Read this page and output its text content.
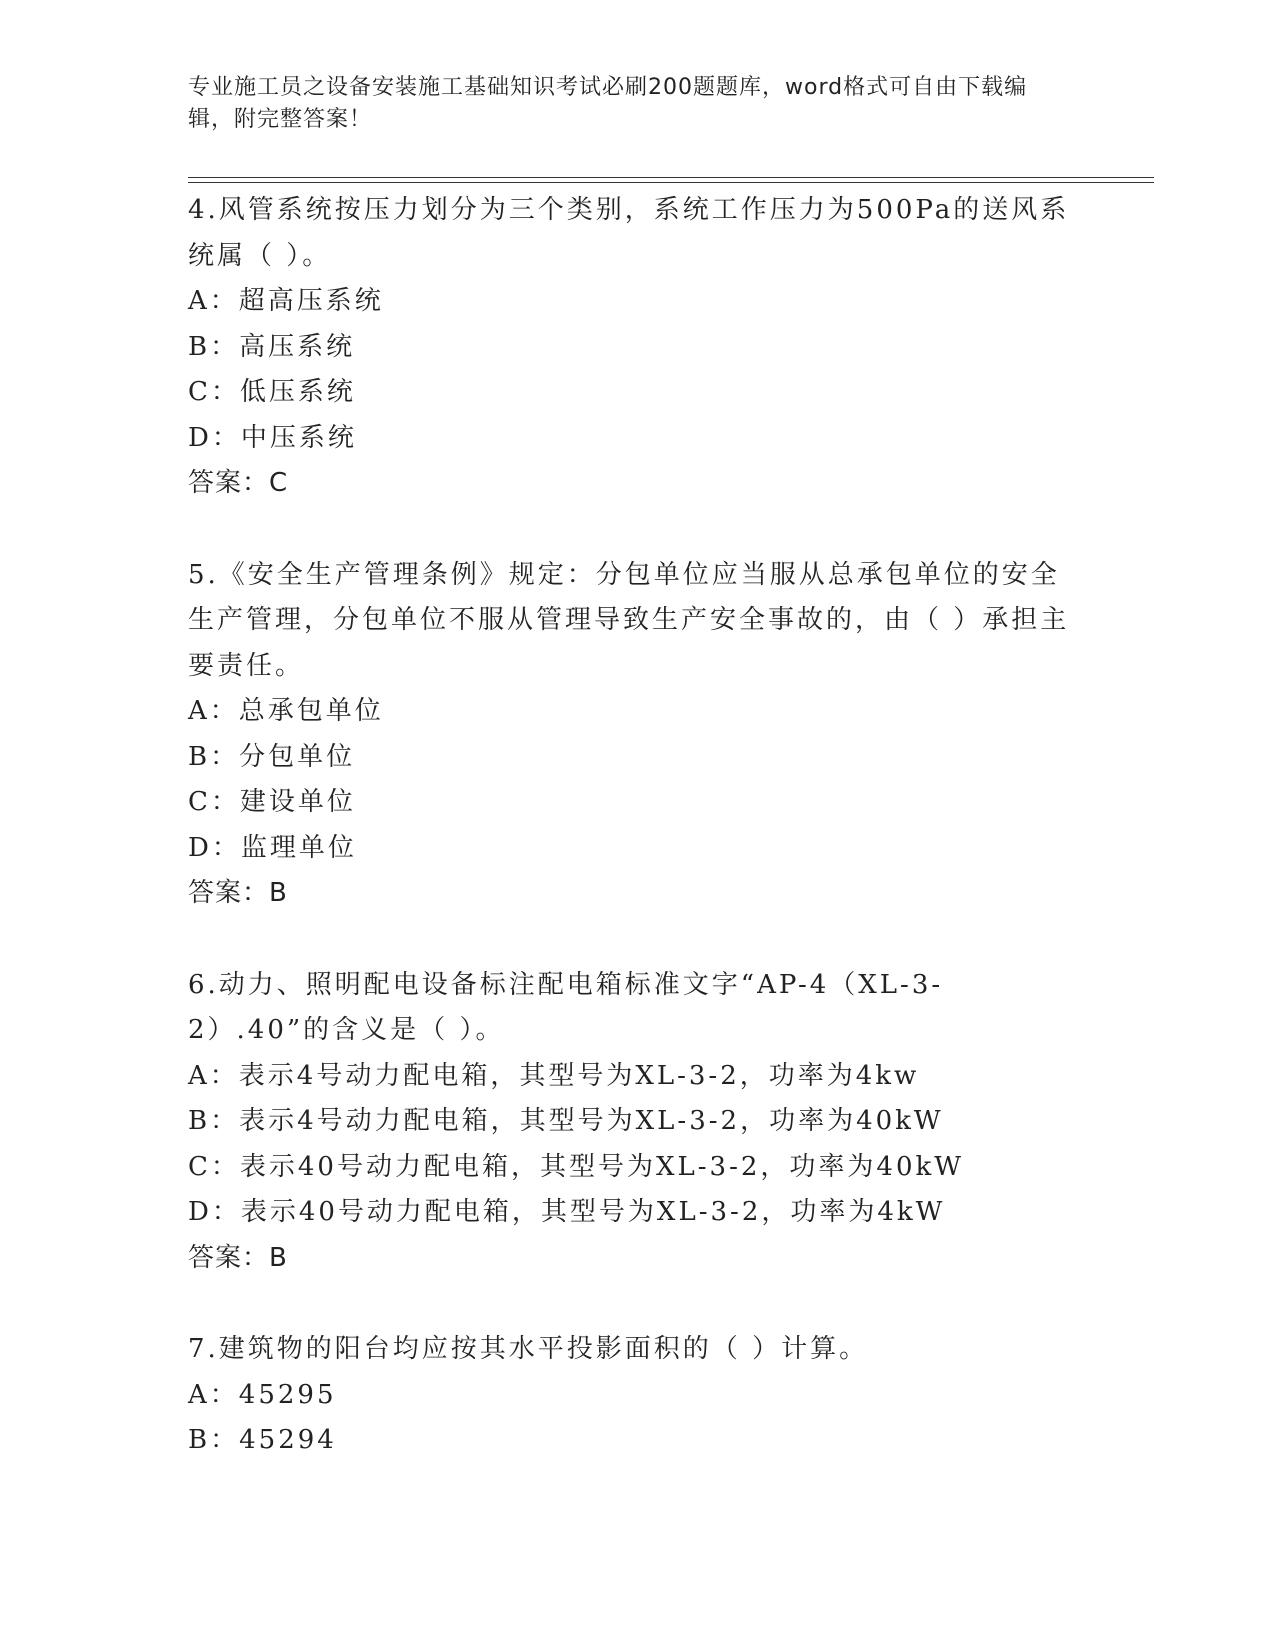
专业施工员之设备安装施工基础知识考试必刷200题题库，word格式可自由下载编辑，附完整答案！

4.风管系统按压力划分为三个类别，系统工作压力为500Pa的送风系统属（ ）。

A：超高压系统

B：高压系统

C：低压系统

D：中压系统

答案：C

5.《安全生产管理条例》规定：分包单位应当服从总承包单位的安全生产管理，分包单位不服从管理导致生产安全事故的，由（ ）承担主要责任。

A：总承包单位

B：分包单位

C：建设单位

D：监理单位

答案：B

6.动力、照明配电设备标注配电箱标准文字“AP-4（XL-3-2）.40”的含义是（ ）。

A：表示4号动力配电箱，其型号为XL-3-2，功率为4kw

B：表示4号动力配电箱，其型号为XL-3-2，功率为40kW

C：表示40号动力配电箱，其型号为XL-3-2，功率为40kW

D：表示40号动力配电箱，其型号为XL-3-2，功率为4kW

答案：B

7.建筑物的阳台均应按其水平投影面积的（ ）计算。

A：45295

B：45294
